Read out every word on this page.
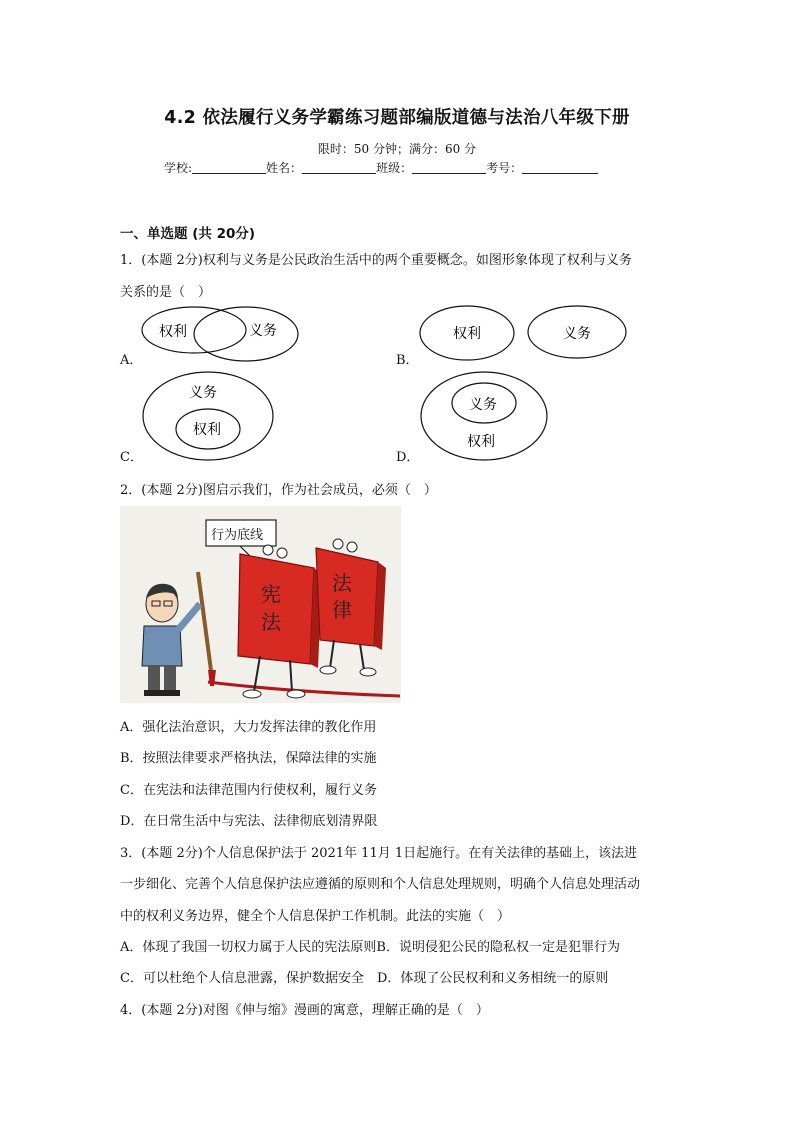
4.2 依法履行义务学霸练习题部编版道德与法治八年级下册
限时：50 分钟；满分：60 分
学校:	姓名：	班级：	考号：
一、单选题 (共 20分)
1．(本题 2分)权利与义务是公民政治生活中的两个重要概念。如图形象体现了权利与义务
关系的是（　）
A．
权利	义务
B．
权利	义务
C．
义务
权利
D．
义务
权利
2．(本题 2分)图启示我们，作为社会成员，必须（　）
行为底线
宪
法
法
律
A．强化法治意识，大力发挥法律的教化作用
B．按照法律要求严格执法，保障法律的实施
C．在宪法和法律范围内行使权利，履行义务
D．在日常生活中与宪法、法律彻底划清界限
3．(本题 2分)个人信息保护法于 2021年 11月 1日起施行。在有关法律的基础上，该法进
一步细化、完善个人信息保护法应遵循的原则和个人信息处理规则，明确个人信息处理活动
中的权利义务边界，健全个人信息保护工作机制。此法的实施（　）
A．体现了我国一切权力属于人民的宪法原则B．说明侵犯公民的隐私权一定是犯罪行为
C．可以杜绝个人信息泄露，保护数据安全　D．体现了公民权利和义务相统一的原则
4．(本题 2分)对图《伸与缩》漫画的寓意，理解正确的是（　）
